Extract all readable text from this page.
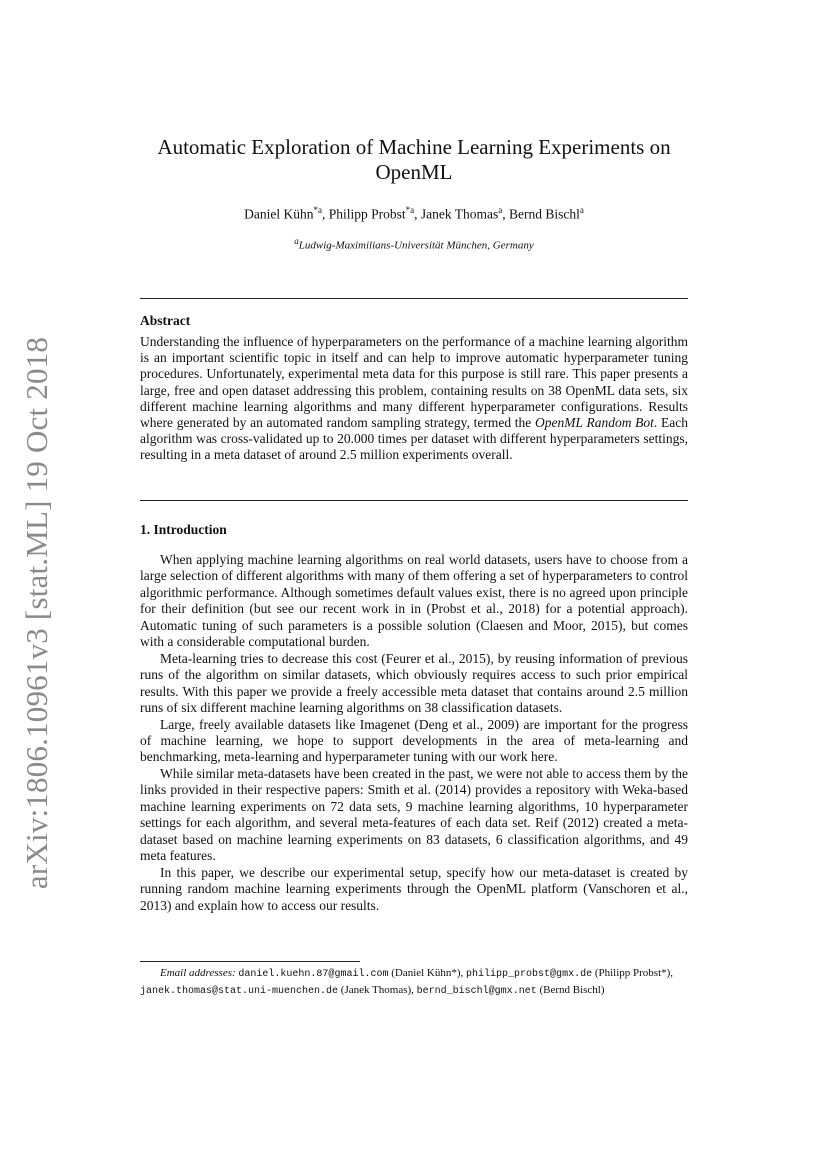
arXiv:1806.10961v3 [stat.ML] 19 Oct 2018
Automatic Exploration of Machine Learning Experiments on
OpenML
Daniel Kühn$^{*a}$, Philipp Probst$^{*a}$, Janek Thomas$^a$, Bernd Bischl$^a$
$^a$Ludwig-Maximilians-Universität München, Germany
Abstract
Understanding the influence of hyperparameters on the performance of a machine learning algorithm is an important scientific topic in itself and can help to improve automatic hyperparameter tuning procedures. Unfortunately, experimental meta data for this purpose is still rare. This paper presents a large, free and open dataset addressing this problem, containing results on 38 OpenML data sets, six different machine learning algorithms and many different hyperparameter configurations. Results where generated by an automated random sampling strategy, termed the OpenML Random Bot. Each algorithm was cross-validated up to 20.000 times per dataset with different hyperparameters settings, resulting in a meta dataset of around 2.5 million experiments overall.
1. Introduction

When applying machine learning algorithms on real world datasets, users have to choose from a large selection of different algorithms with many of them offering a set of hyperparameters to control algorithmic performance. Although sometimes default values exist, there is no agreed upon principle for their definition (but see our recent work in in (Probst et al., 2018) for a potential approach). Automatic tuning of such parameters is a possible solution (Claesen and Moor, 2015), but comes with a considerable computational burden.

Meta-learning tries to decrease this cost (Feurer et al., 2015), by reusing information of previous runs of the algorithm on similar datasets, which obviously requires access to such prior empirical results. With this paper we provide a freely accessible meta dataset that contains around 2.5 million runs of six different machine learning algorithms on 38 classification datasets.

Large, freely available datasets like Imagenet (Deng et al., 2009) are important for the progress of machine learning, we hope to support developments in the area of meta-learning and benchmarking, meta-learning and hyperparameter tuning with our work here.

While similar meta-datasets have been created in the past, we were not able to access them by the links provided in their respective papers: Smith et al. (2014) provides a repository with Weka-based machine learning experiments on 72 data sets, 9 machine learning algorithms, 10 hyperparameter settings for each algorithm, and several meta-features of each data set. Reif (2012) created a meta-dataset based on machine learning experiments on 83 datasets, 6 classification algorithms, and 49 meta features.

In this paper, we describe our experimental setup, specify how our meta-dataset is created by running random machine learning experiments through the OpenML platform (Vanschoren et al., 2013) and explain how to access our results.

Email addresses: daniel.kuehn.87@gmail.com (Daniel Kühn*), philipp_probst@gmx.de (Philipp Probst*), janek.thomas@stat.uni-muenchen.de (Janek Thomas), bernd_bischl@gmx.net (Bernd Bischl)
